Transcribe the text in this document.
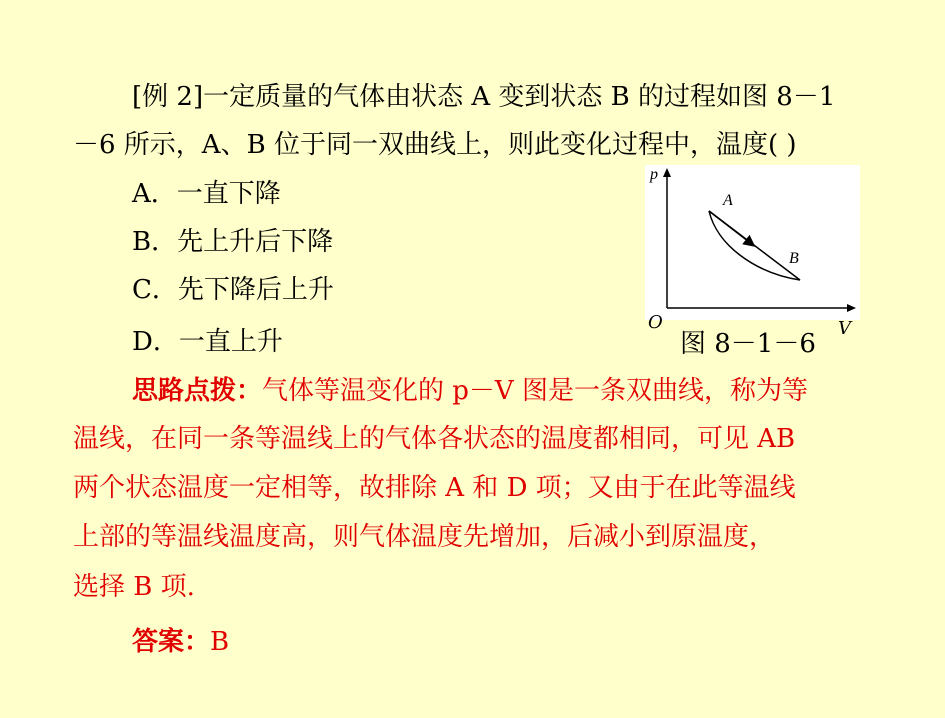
[例 2]一定质量的气体由状态 A 变到状态 B 的过程如图 8－1
－6 所示，A、B 位于同一双曲线上，则此变化过程中，温度( )
A．一直下降
B．先上升后下降
C．先下降后上升
D．一直上升
p
A
B
O	V
图 8－1－6
思路点拨：气体等温变化的 p－V 图是一条双曲线，称为等
温线，在同一条等温线上的气体各状态的温度都相同，可见 AB
两个状态温度一定相等，故排除 A 和 D 项；又由于在此等温线
上部的等温线温度高，则气体温度先增加，后减小到原温度，
选择 B 项.
答案：B
